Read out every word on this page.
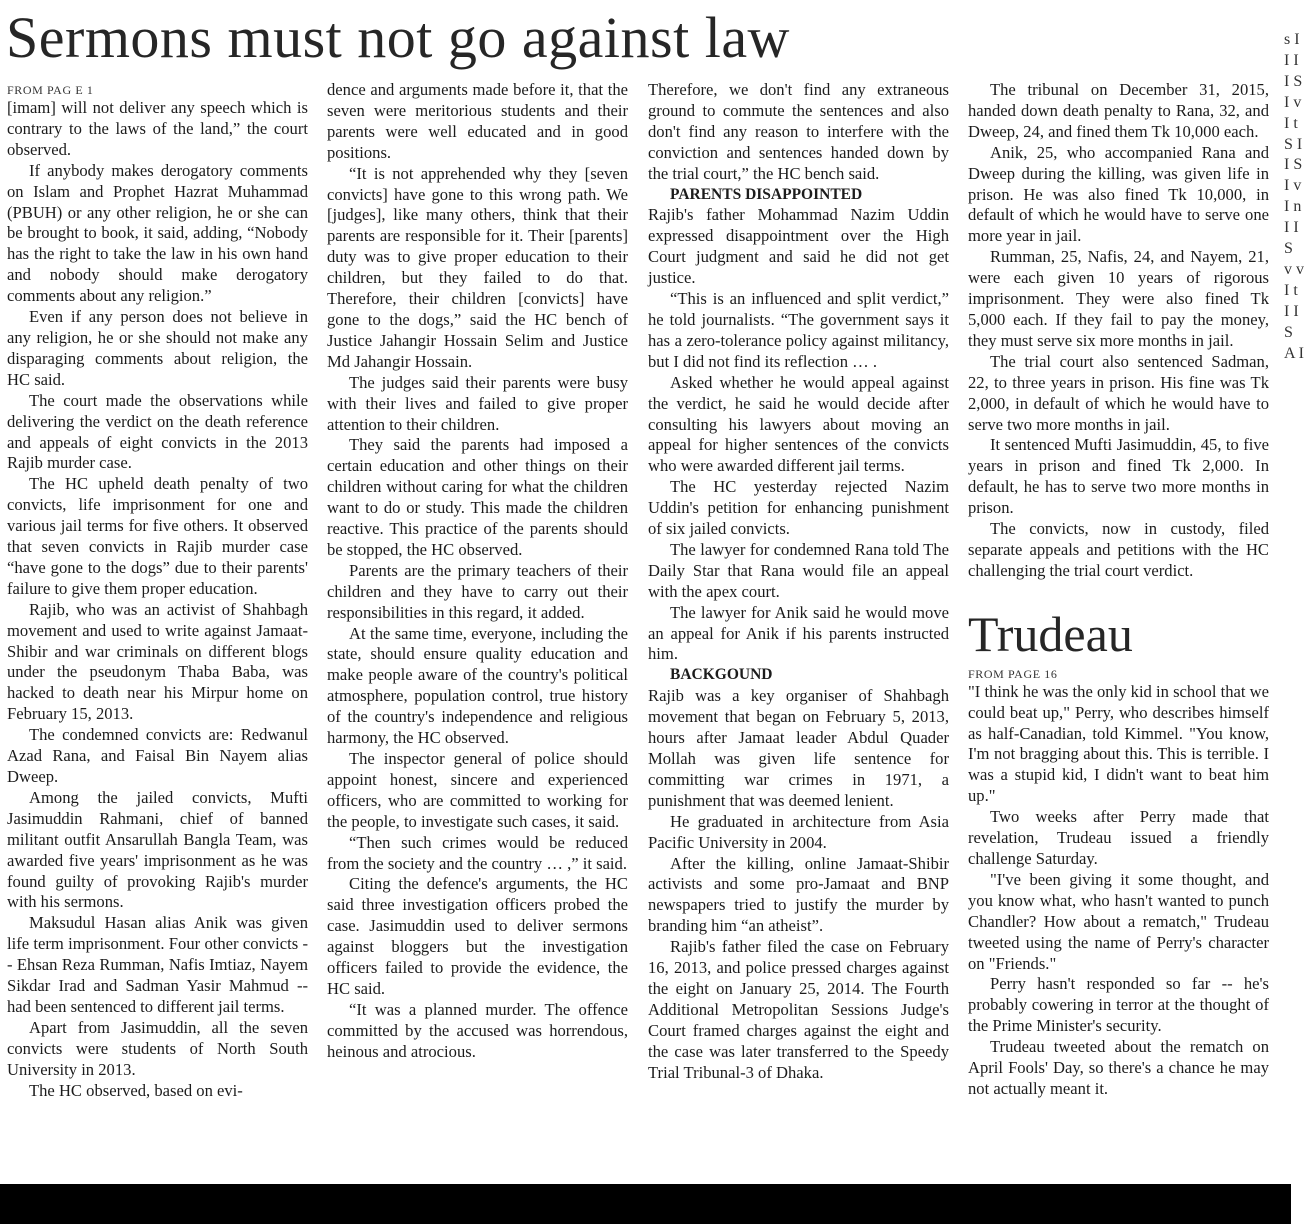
Sermons must not go against law
FROM PAG E 1

[imam] will not deliver any speech which is contrary to the laws of the land,” the court observed.

If anybody makes derogatory comments on Islam and Prophet Hazrat Muhammad (PBUH) or any other religion, he or she can be brought to book, it said, adding, “Nobody has the right to take the law in his own hand and nobody should make derogatory comments about any religion.”

Even if any person does not believe in any religion, he or she should not make any disparaging comments about religion, the HC said.

The court made the observations while delivering the verdict on the death reference and appeals of eight convicts in the 2013 Rajib murder case.

The HC upheld death penalty of two convicts, life imprisonment for one and various jail terms for five others. It observed that seven convicts in Rajib murder case “have gone to the dogs” due to their parents' failure to give them proper education.

Rajib, who was an activist of Shahbagh movement and used to write against Jamaat-Shibir and war criminals on different blogs under the pseudonym Thaba Baba, was hacked to death near his Mirpur home on February 15, 2013.

The condemned convicts are: Redwanul Azad Rana, and Faisal Bin Nayem alias Dweep.

Among the jailed convicts, Mufti Jasimuddin Rahmani, chief of banned militant outfit Ansarullah Bangla Team, was awarded five years' imprisonment as he was found guilty of provoking Rajib's murder with his sermons.

Maksudul Hasan alias Anik was given life term imprisonment. Four other convicts -- Ehsan Reza Rumman, Nafis Imtiaz, Nayem Sikdar Irad and Sadman Yasir Mahmud -- had been sentenced to different jail terms.

Apart from Jasimuddin, all the seven convicts were students of North South University in 2013.

The HC observed, based on evi-

dence and arguments made before it, that the seven were meritorious students and their parents were well educated and in good positions.

“It is not apprehended why they [seven convicts] have gone to this wrong path. We [judges], like many others, think that their parents are responsible for it. Their [parents] duty was to give proper education to their children, but they failed to do that. Therefore, their children [convicts] have gone to the dogs,” said the HC bench of Justice Jahangir Hossain Selim and Justice Md Jahangir Hossain.

The judges said their parents were busy with their lives and failed to give proper attention to their children.

They said the parents had imposed a certain education and other things on their children without caring for what the children want to do or study. This made the children reactive. This practice of the parents should be stopped, the HC observed.

Parents are the primary teachers of their children and they have to carry out their responsibilities in this regard, it added.

At the same time, everyone, including the state, should ensure quality education and make people aware of the country's political atmosphere, population control, true history of the country's independence and religious harmony, the HC observed.

The inspector general of police should appoint honest, sincere and experienced officers, who are committed to working for the people, to investigate such cases, it said.

“Then such crimes would be reduced from the society and the country … ,” it said.

Citing the defence's arguments, the HC said three investigation officers probed the case. Jasimuddin used to deliver sermons against bloggers but the investigation officers failed to provide the evidence, the HC said.

“It was a planned murder. The offence committed by the accused was horrendous, heinous and atrocious.

Therefore, we don't find any extraneous ground to commute the sentences and also don't find any reason to interfere with the conviction and sentences handed down by the trial court,” the HC bench said.

PARENTS DISAPPOINTED

Rajib's father Mohammad Nazim Uddin expressed disappointment over the High Court judgment and said he did not get justice.

“This is an influenced and split verdict,” he told journalists. “The government says it has a zero-tolerance policy against militancy, but I did not find its reflection … .

Asked whether he would appeal against the verdict, he said he would decide after consulting his lawyers about moving an appeal for higher sentences of the convicts who were awarded different jail terms.

The HC yesterday rejected Nazim Uddin's petition for enhancing punishment of six jailed convicts.

The lawyer for condemned Rana told The Daily Star that Rana would file an appeal with the apex court.

The lawyer for Anik said he would move an appeal for Anik if his parents instructed him.

BACKGOUND

Rajib was a key organiser of Shahbagh movement that began on February 5, 2013, hours after Jamaat leader Abdul Quader Mollah was given life sentence for committing war crimes in 1971, a punishment that was deemed lenient.

He graduated in architecture from Asia Pacific University in 2004.

After the killing, online Jamaat-Shibir activists and some pro-Jamaat and BNP newspapers tried to justify the murder by branding him “an atheist”.

Rajib's father filed the case on February 16, 2013, and police pressed charges against the eight on January 25, 2014. The Fourth Additional Metropolitan Sessions Judge's Court framed charges against the eight and the case was later transferred to the Speedy Trial Tribunal-3 of Dhaka.

The tribunal on December 31, 2015, handed down death penalty to Rana, 32, and Dweep, 24, and fined them Tk 10,000 each.

Anik, 25, who accompanied Rana and Dweep during the killing, was given life in prison. He was also fined Tk 10,000, in default of which he would have to serve one more year in jail.

Rumman, 25, Nafis, 24, and Nayem, 21, were each given 10 years of rigorous imprisonment. They were also fined Tk 5,000 each. If they fail to pay the money, they must serve six more months in jail.

The trial court also sentenced Sadman, 22, to three years in prison. His fine was Tk 2,000, in default of which he would have to serve two more months in jail.

It sentenced Mufti Jasimuddin, 45, to five years in prison and fined Tk 2,000. In default, he has to serve two more months in prison.

The convicts, now in custody, filed separate appeals and petitions with the HC challenging the trial court verdict.

Trudeau
FROM PAGE 16

"I think he was the only kid in school that we could beat up," Perry, who describes himself as half-Canadian, told Kimmel. "You know, I'm not bragging about this. This is terrible. I was a stupid kid, I didn't want to beat him up."

Two weeks after Perry made that revelation, Trudeau issued a friendly challenge Saturday.

"I've been giving it some thought, and you know what, who hasn't wanted to punch Chandler? How about a rematch," Trudeau tweeted using the name of Perry's character on "Friends."

Perry hasn't responded so far -- he's probably cowering in terror at the thought of the Prime Minister's security.

Trudeau tweeted about the rematch on April Fools' Day, so there's a chance he may not actually meant it.

s I I I I S I v I t S I I S I v I n I I S v v I t I I S A I
